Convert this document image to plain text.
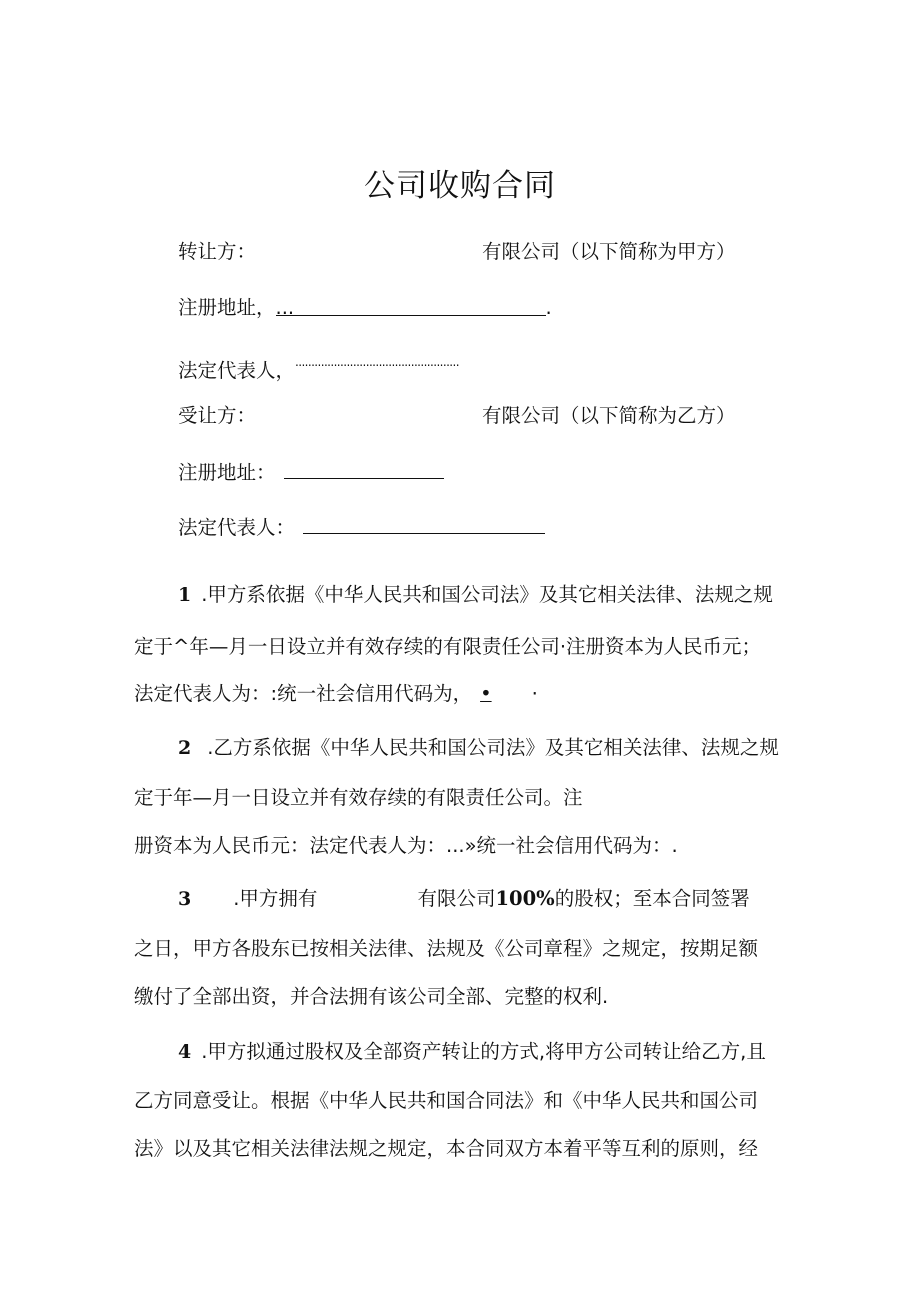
公司收购合同
转让方：	有限公司（以下简称为甲方）
注册地址，...	.
法定代表人，...................................................
受让方：	有限公司（以下简称为乙方）
注册地址：
法定代表人：
1 .甲方系依据《中华人民共和国公司法》及其它相关法律、法规之规
定于^年—月一日设立并有效存续的有限责任公司·注册资本为人民币元；
法定代表人为：:统一社会信用代码为， • ·
2 .乙方系依据《中华人民共和国公司法》及其它相关法律、法规之规
定于年—月一日设立并有效存续的有限责任公司。注
册资本为人民币元：法定代表人为：...»统一社会信用代码为：.
3 .甲方拥有	有限公司100%的股权；至本合同签署
之日，甲方各股东已按相关法律、法规及《公司章程》之规定，按期足额
缴付了全部出资，并合法拥有该公司全部、完整的权利.
4 .甲方拟通过股权及全部资产转让的方式,将甲方公司转让给乙方,且
乙方同意受让。根据《中华人民共和国合同法》和《中华人民共和国公司
法》以及其它相关法律法规之规定，本合同双方本着平等互利的原则，经
